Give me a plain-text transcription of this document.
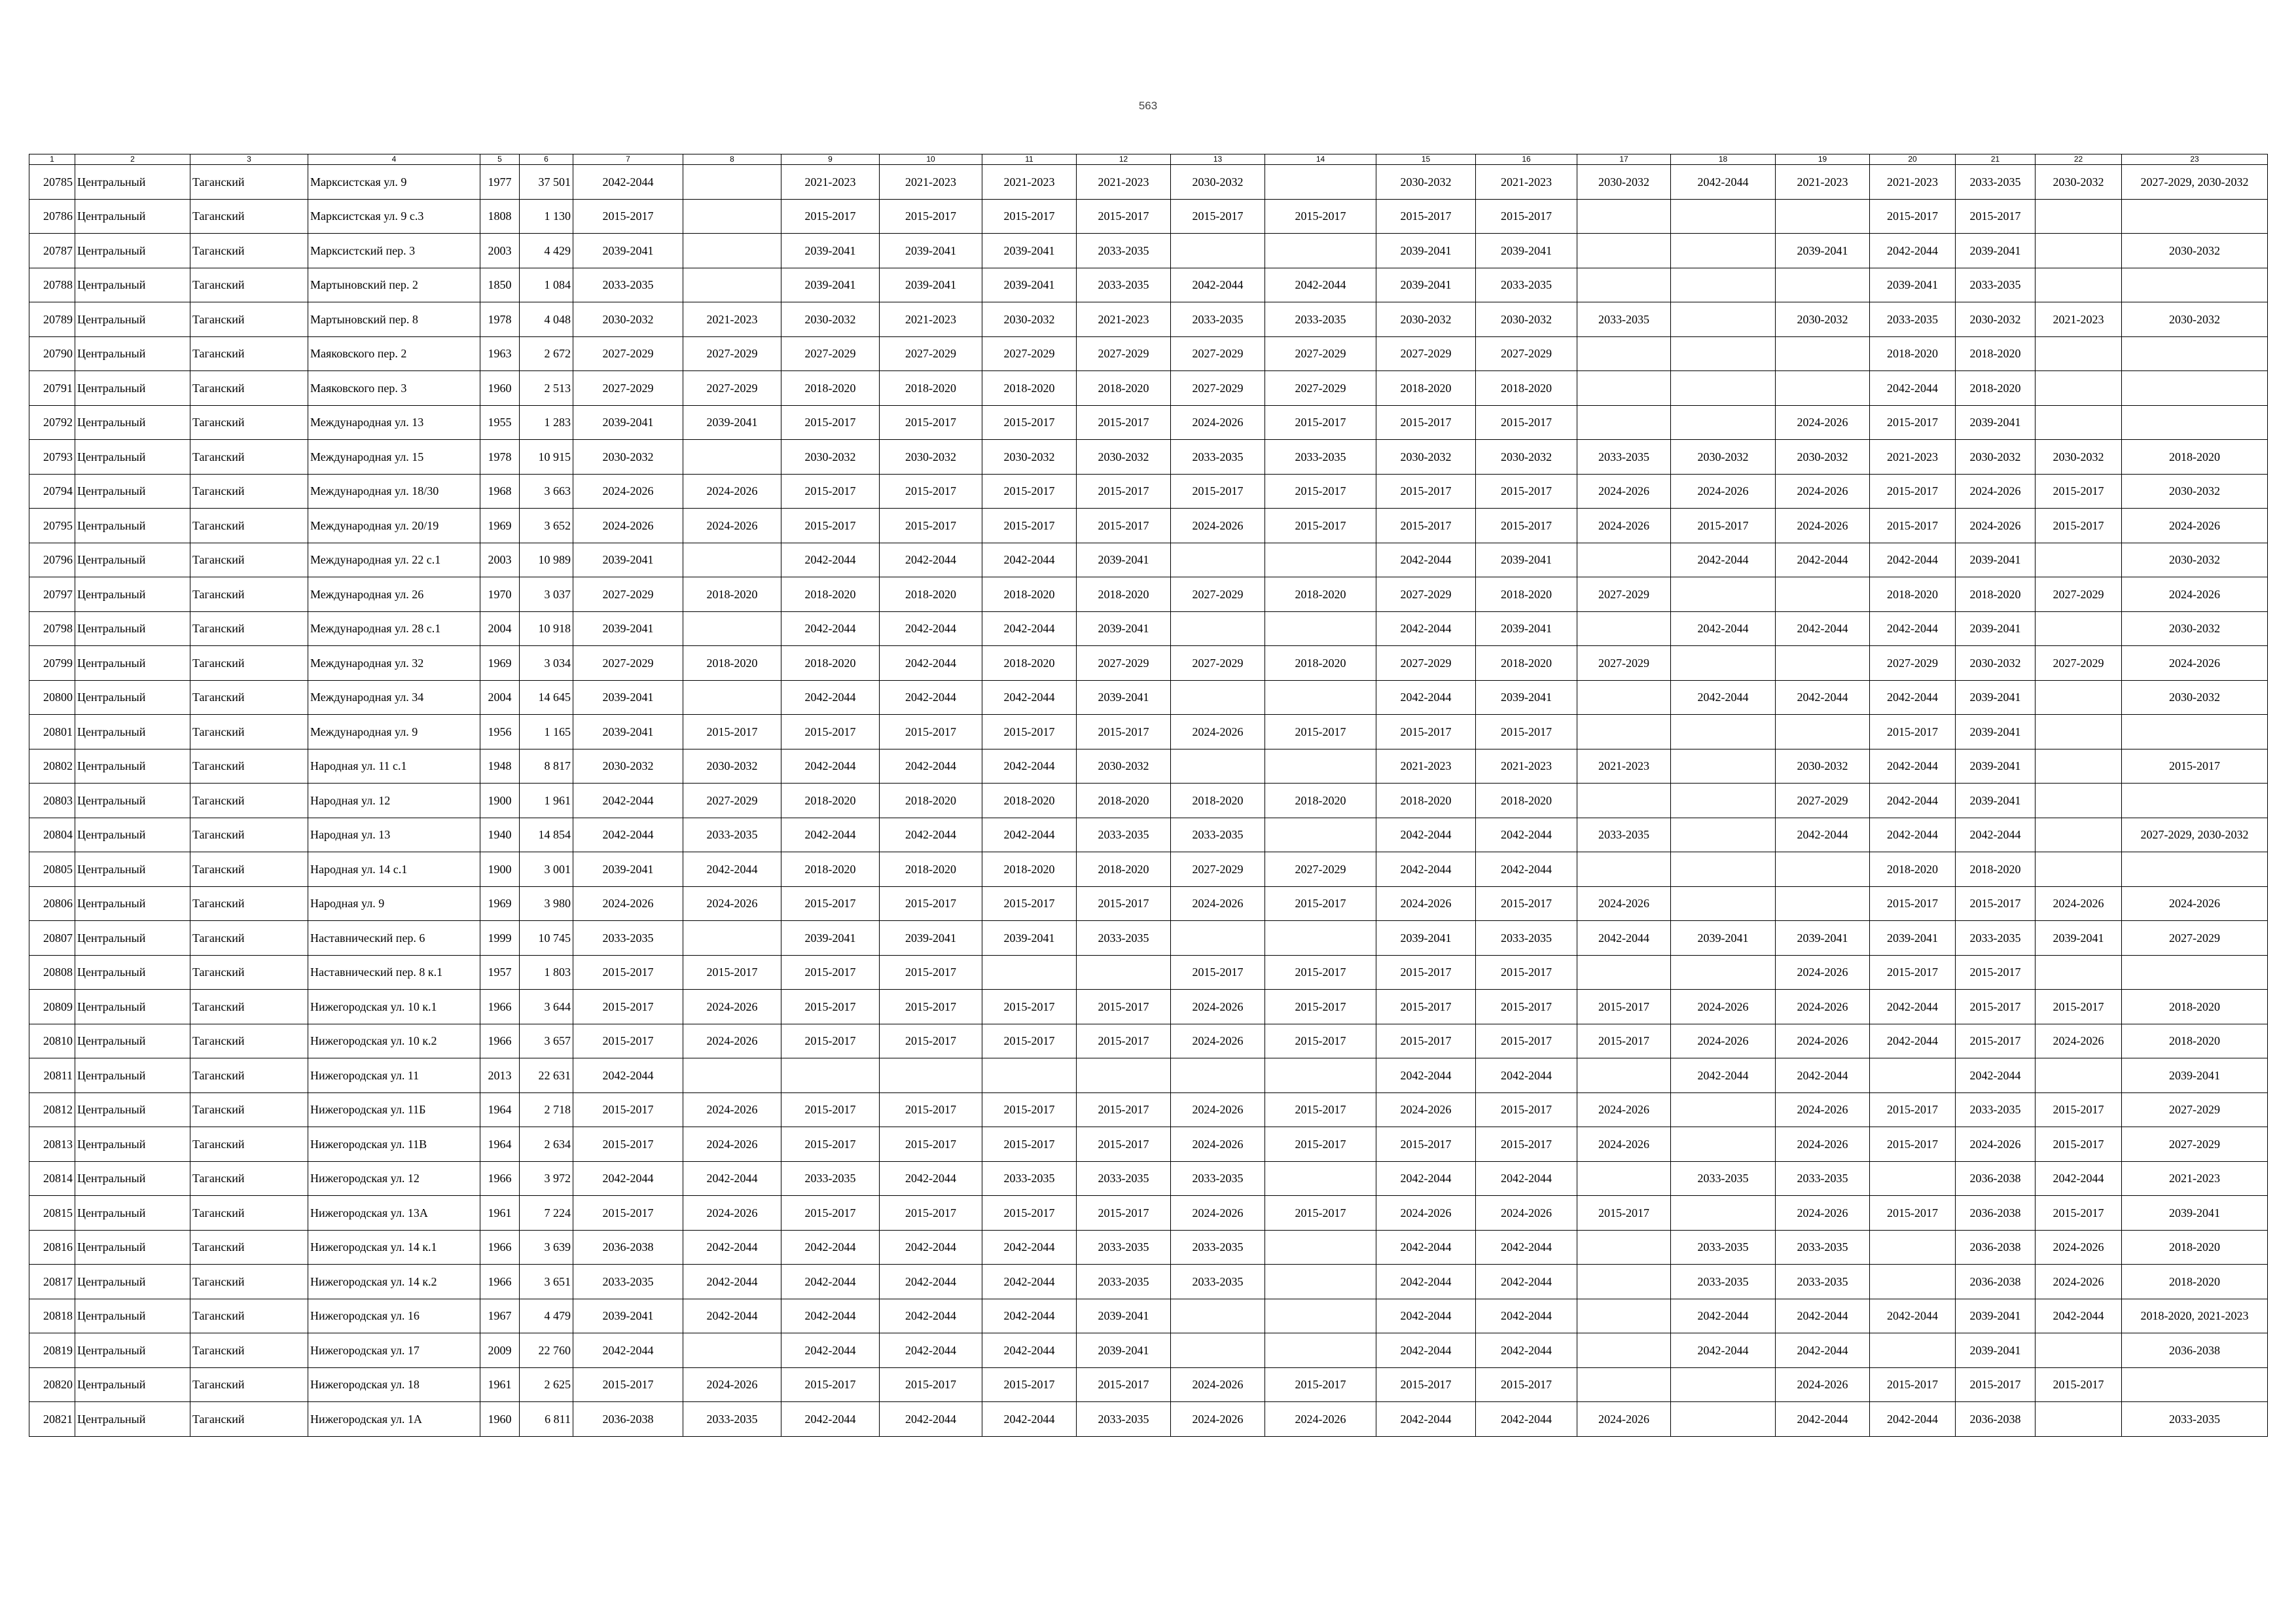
563
1	2	3	4	5	6	7	8	9	10	11	12	13	14	15	16	17	18	19	20	21	22	23
20785	Центральный	Таганский	Марксистская ул. 9	1977	37 501	2042-2044		2021-2023	2021-2023	2021-2023	2021-2023	2030-2032		2030-2032	2021-2023	2030-2032	2042-2044	2021-2023	2021-2023	2033-2035	2030-2032	2027-2029, 2030-2032
20786	Центральный	Таганский	Марксистская ул. 9 с.3	1808	1 130	2015-2017		2015-2017	2015-2017	2015-2017	2015-2017	2015-2017	2015-2017	2015-2017	2015-2017				2015-2017	2015-2017		
20787	Центральный	Таганский	Марксистский пер. 3	2003	4 429	2039-2041		2039-2041	2039-2041	2039-2041	2033-2035			2039-2041	2039-2041			2039-2041	2042-2044	2039-2041		2030-2032
20788	Центральный	Таганский	Мартыновский пер. 2	1850	1 084	2033-2035		2039-2041	2039-2041	2039-2041	2033-2035	2042-2044	2042-2044	2039-2041	2033-2035				2039-2041	2033-2035		
20789	Центральный	Таганский	Мартыновский пер. 8	1978	4 048	2030-2032	2021-2023	2030-2032	2021-2023	2030-2032	2021-2023	2033-2035	2033-2035	2030-2032	2030-2032	2033-2035		2030-2032	2033-2035	2030-2032	2021-2023	2030-2032
20790	Центральный	Таганский	Маяковского пер. 2	1963	2 672	2027-2029	2027-2029	2027-2029	2027-2029	2027-2029	2027-2029	2027-2029	2027-2029	2027-2029	2027-2029				2018-2020	2018-2020		
20791	Центральный	Таганский	Маяковского пер. 3	1960	2 513	2027-2029	2027-2029	2018-2020	2018-2020	2018-2020	2018-2020	2027-2029	2027-2029	2018-2020	2018-2020				2042-2044	2018-2020		
20792	Центральный	Таганский	Международная ул. 13	1955	1 283	2039-2041	2039-2041	2015-2017	2015-2017	2015-2017	2015-2017	2024-2026	2015-2017	2015-2017	2015-2017			2024-2026	2015-2017	2039-2041		
20793	Центральный	Таганский	Международная ул. 15	1978	10 915	2030-2032		2030-2032	2030-2032	2030-2032	2030-2032	2033-2035	2033-2035	2030-2032	2030-2032	2033-2035	2030-2032	2030-2032	2021-2023	2030-2032	2030-2032	2018-2020
20794	Центральный	Таганский	Международная ул. 18/30	1968	3 663	2024-2026	2024-2026	2015-2017	2015-2017	2015-2017	2015-2017	2015-2017	2015-2017	2015-2017	2015-2017	2024-2026	2024-2026	2024-2026	2015-2017	2024-2026	2015-2017	2030-2032
20795	Центральный	Таганский	Международная ул. 20/19	1969	3 652	2024-2026	2024-2026	2015-2017	2015-2017	2015-2017	2015-2017	2024-2026	2015-2017	2015-2017	2015-2017	2024-2026	2015-2017	2024-2026	2015-2017	2024-2026	2015-2017	2024-2026
20796	Центральный	Таганский	Международная ул. 22 с.1	2003	10 989	2039-2041		2042-2044	2042-2044	2042-2044	2039-2041			2042-2044	2039-2041		2042-2044	2042-2044	2042-2044	2039-2041		2030-2032
20797	Центральный	Таганский	Международная ул. 26	1970	3 037	2027-2029	2018-2020	2018-2020	2018-2020	2018-2020	2018-2020	2027-2029	2018-2020	2027-2029	2018-2020	2027-2029			2018-2020	2018-2020	2027-2029	2024-2026
20798	Центральный	Таганский	Международная ул. 28 с.1	2004	10 918	2039-2041		2042-2044	2042-2044	2042-2044	2039-2041			2042-2044	2039-2041		2042-2044	2042-2044	2042-2044	2039-2041		2030-2032
20799	Центральный	Таганский	Международная ул. 32	1969	3 034	2027-2029	2018-2020	2018-2020	2042-2044	2018-2020	2027-2029	2027-2029	2018-2020	2027-2029	2018-2020	2027-2029			2027-2029	2030-2032	2027-2029	2024-2026
20800	Центральный	Таганский	Международная ул. 34	2004	14 645	2039-2041		2042-2044	2042-2044	2042-2044	2039-2041			2042-2044	2039-2041		2042-2044	2042-2044	2042-2044	2039-2041		2030-2032
20801	Центральный	Таганский	Международная ул. 9	1956	1 165	2039-2041	2015-2017	2015-2017	2015-2017	2015-2017	2015-2017	2024-2026	2015-2017	2015-2017	2015-2017				2015-2017	2039-2041		
20802	Центральный	Таганский	Народная ул. 11 с.1	1948	8 817	2030-2032	2030-2032	2042-2044	2042-2044	2042-2044	2030-2032			2021-2023	2021-2023	2021-2023		2030-2032	2042-2044	2039-2041		2015-2017
20803	Центральный	Таганский	Народная ул. 12	1900	1 961	2042-2044	2027-2029	2018-2020	2018-2020	2018-2020	2018-2020	2018-2020	2018-2020	2018-2020	2018-2020			2027-2029	2042-2044	2039-2041		
20804	Центральный	Таганский	Народная ул. 13	1940	14 854	2042-2044	2033-2035	2042-2044	2042-2044	2042-2044	2033-2035	2033-2035		2042-2044	2042-2044	2033-2035		2042-2044	2042-2044	2042-2044		2027-2029, 2030-2032
20805	Центральный	Таганский	Народная ул. 14 с.1	1900	3 001	2039-2041	2042-2044	2018-2020	2018-2020	2018-2020	2018-2020	2027-2029	2027-2029	2042-2044	2042-2044				2018-2020	2018-2020		
20806	Центральный	Таганский	Народная ул. 9	1969	3 980	2024-2026	2024-2026	2015-2017	2015-2017	2015-2017	2015-2017	2024-2026	2015-2017	2024-2026	2015-2017	2024-2026			2015-2017	2015-2017	2024-2026	2024-2026
20807	Центральный	Таганский	Наставнический пер. 6	1999	10 745	2033-2035		2039-2041	2039-2041	2039-2041	2033-2035			2039-2041	2033-2035	2042-2044	2039-2041	2039-2041	2039-2041	2033-2035	2039-2041	2027-2029
20808	Центральный	Таганский	Наставнический пер. 8 к.1	1957	1 803	2015-2017	2015-2017	2015-2017	2015-2017			2015-2017	2015-2017	2015-2017	2015-2017			2024-2026	2015-2017	2015-2017		
20809	Центральный	Таганский	Нижегородская ул. 10 к.1	1966	3 644	2015-2017	2024-2026	2015-2017	2015-2017	2015-2017	2015-2017	2024-2026	2015-2017	2015-2017	2015-2017	2015-2017	2024-2026	2024-2026	2042-2044	2015-2017	2015-2017	2018-2020
20810	Центральный	Таганский	Нижегородская ул. 10 к.2	1966	3 657	2015-2017	2024-2026	2015-2017	2015-2017	2015-2017	2015-2017	2024-2026	2015-2017	2015-2017	2015-2017	2015-2017	2024-2026	2024-2026	2042-2044	2015-2017	2024-2026	2018-2020
20811	Центральный	Таганский	Нижегородская ул. 11	2013	22 631	2042-2044								2042-2044	2042-2044		2042-2044	2042-2044		2042-2044		2039-2041
20812	Центральный	Таганский	Нижегородская ул. 11Б	1964	2 718	2015-2017	2024-2026	2015-2017	2015-2017	2015-2017	2015-2017	2024-2026	2015-2017	2024-2026	2015-2017	2024-2026		2024-2026	2015-2017	2033-2035	2015-2017	2027-2029
20813	Центральный	Таганский	Нижегородская ул. 11В	1964	2 634	2015-2017	2024-2026	2015-2017	2015-2017	2015-2017	2015-2017	2024-2026	2015-2017	2015-2017	2015-2017	2024-2026		2024-2026	2015-2017	2024-2026	2015-2017	2027-2029
20814	Центральный	Таганский	Нижегородская ул. 12	1966	3 972	2042-2044	2042-2044	2033-2035	2042-2044	2033-2035	2033-2035	2033-2035		2042-2044	2042-2044		2033-2035	2033-2035		2036-2038	2042-2044	2021-2023
20815	Центральный	Таганский	Нижегородская ул. 13А	1961	7 224	2015-2017	2024-2026	2015-2017	2015-2017	2015-2017	2015-2017	2024-2026	2015-2017	2024-2026	2024-2026	2015-2017		2024-2026	2015-2017	2036-2038	2015-2017	2039-2041
20816	Центральный	Таганский	Нижегородская ул. 14 к.1	1966	3 639	2036-2038	2042-2044	2042-2044	2042-2044	2042-2044	2033-2035	2033-2035		2042-2044	2042-2044		2033-2035	2033-2035		2036-2038	2024-2026	2018-2020
20817	Центральный	Таганский	Нижегородская ул. 14 к.2	1966	3 651	2033-2035	2042-2044	2042-2044	2042-2044	2042-2044	2033-2035	2033-2035		2042-2044	2042-2044		2033-2035	2033-2035		2036-2038	2024-2026	2018-2020
20818	Центральный	Таганский	Нижегородская ул. 16	1967	4 479	2039-2041	2042-2044	2042-2044	2042-2044	2042-2044	2039-2041			2042-2044	2042-2044		2042-2044	2042-2044	2042-2044	2039-2041	2042-2044	2018-2020, 2021-2023
20819	Центральный	Таганский	Нижегородская ул. 17	2009	22 760	2042-2044		2042-2044	2042-2044	2042-2044	2039-2041			2042-2044	2042-2044		2042-2044	2042-2044		2039-2041		2036-2038
20820	Центральный	Таганский	Нижегородская ул. 18	1961	2 625	2015-2017	2024-2026	2015-2017	2015-2017	2015-2017	2015-2017	2024-2026	2015-2017	2015-2017	2015-2017			2024-2026	2015-2017	2015-2017	2015-2017	
20821	Центральный	Таганский	Нижегородская ул. 1А	1960	6 811	2036-2038	2033-2035	2042-2044	2042-2044	2042-2044	2033-2035	2024-2026	2024-2026	2042-2044	2042-2044	2024-2026		2042-2044	2042-2044	2036-2038		2033-2035
